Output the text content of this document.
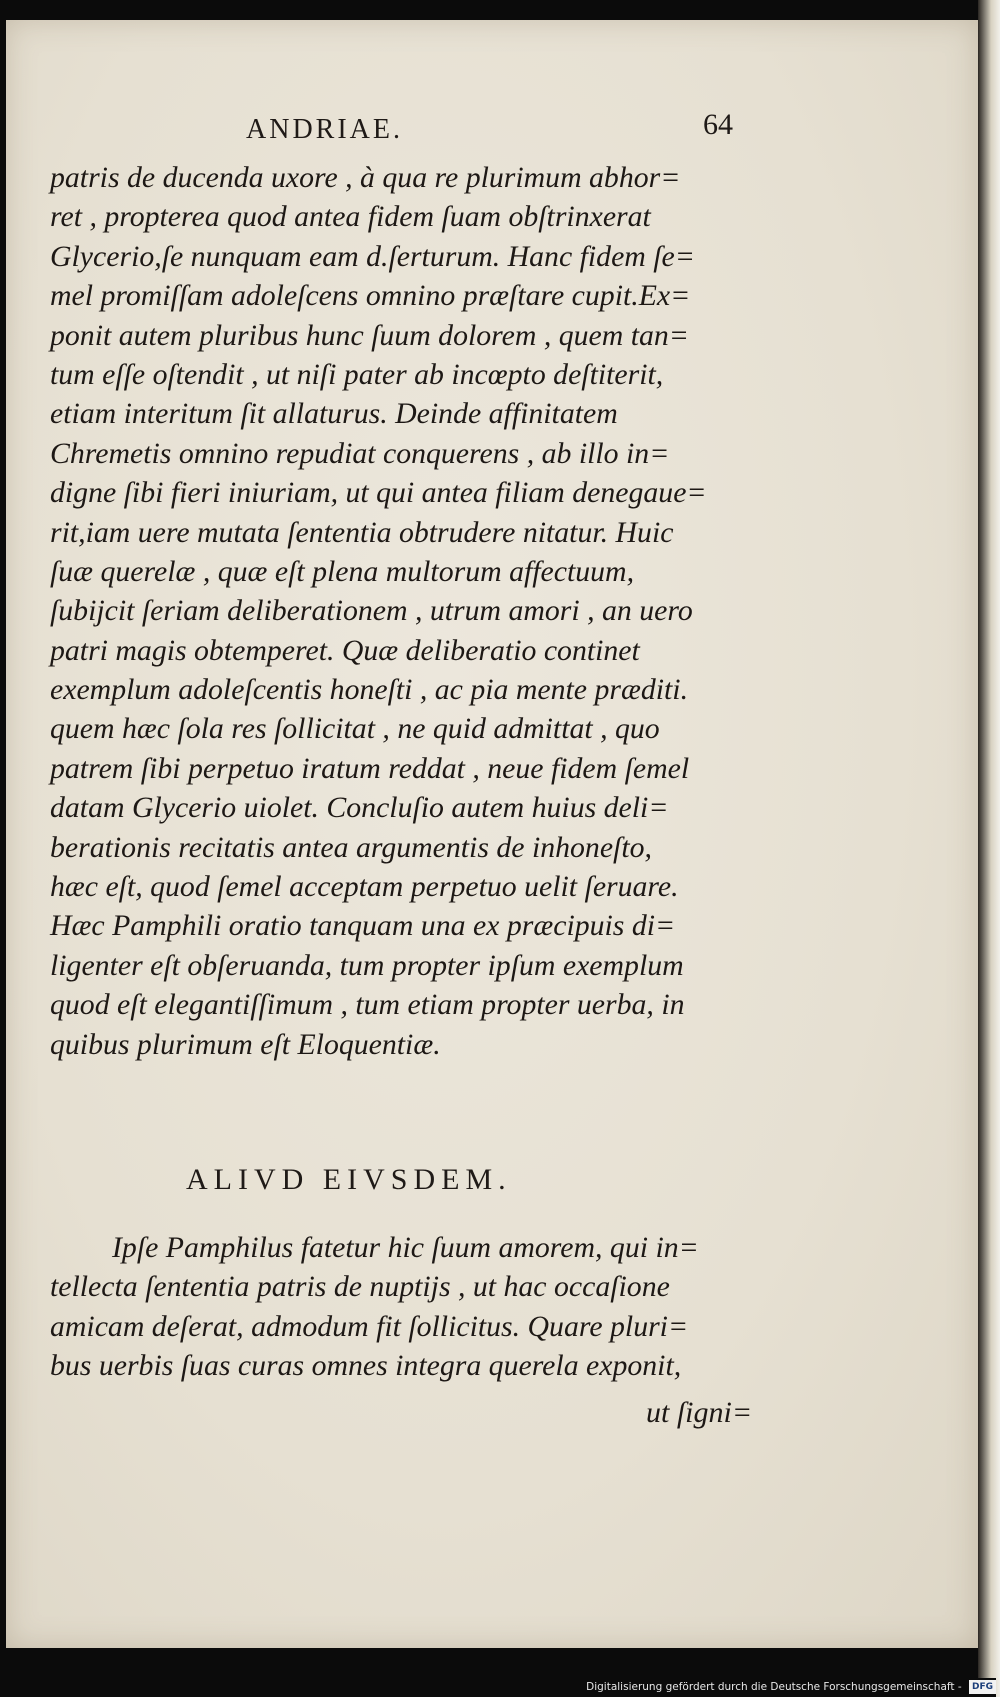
ANDRIAE.	64
patris de ducenda uxore , à qua re plurimum abhor=
ret , propterea quod antea fidem ſuam obſtrinxerat
Glycerio,ſe nunquam eam d.ſerturum. Hanc fidem ſe=
mel promiſſam adoleſcens omnino præſtare cupit.Ex=
ponit autem pluribus hunc ſuum dolorem , quem tan=
tum eſſe oſtendit , ut niſi pater ab incœpto deſtiterit,
etiam interitum ſit allaturus. Deinde affinitatem
Chremetis omnino repudiat conquerens , ab illo in=
digne ſibi fieri iniuriam, ut qui antea filiam denegaue=
rit,iam uere mutata ſententia obtrudere nitatur. Huic
ſuæ querelæ , quæ eſt plena multorum affectuum,
ſubijcit ſeriam deliberationem , utrum amori , an uero
patri magis obtemperet. Quæ deliberatio continet
exemplum adoleſcentis honeſti , ac pia mente præditi.
quem hæc ſola res ſollicitat , ne quid admittat , quo
patrem ſibi perpetuo iratum reddat , neue fidem ſemel
datam Glycerio uiolet. Concluſio autem huius deli=
berationis recitatis antea argumentis de inhoneſto,
hæc eſt, quod ſemel acceptam perpetuo uelit ſeruare.
Hæc Pamphili oratio tanquam una ex præcipuis di=
ligenter eſt obſeruanda, tum propter ipſum exemplum
quod eſt elegantiſſimum , tum etiam propter uerba, in
quibus plurimum eſt Eloquentiæ.
ALIVD EIVSDEM.
Ipſe Pamphilus fatetur hic ſuum amorem, qui in=
tellecta ſententia patris de nuptijs , ut hac occaſione
amicam deſerat, admodum fit ſollicitus. Quare pluri=
bus uerbis ſuas curas omnes integra querela exponit,
ut ſigni=
Digitalisierung gefördert durch die Deutsche Forschungsgemeinschaft - DFG
